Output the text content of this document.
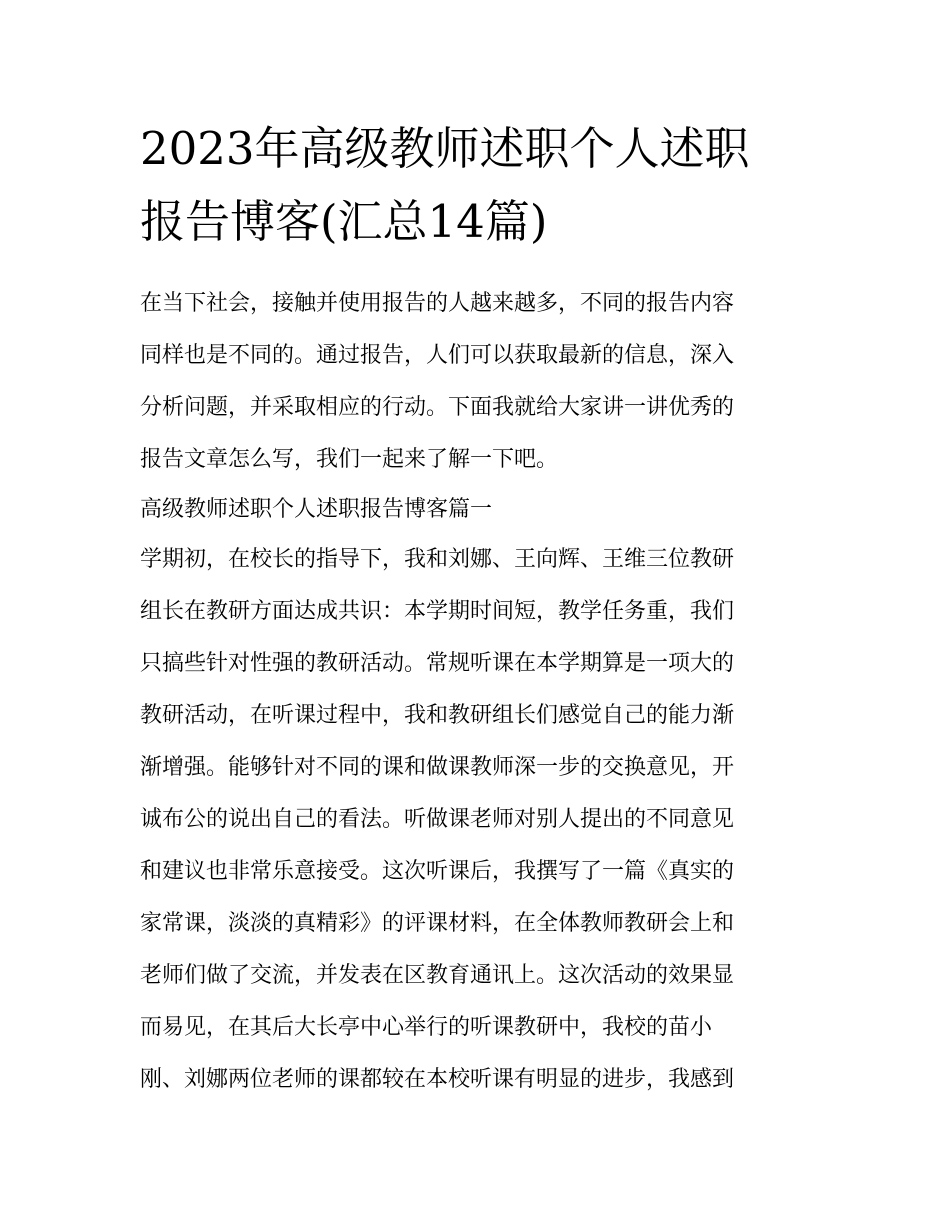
2023年高级教师述职个人述职
报告博客(汇总14篇)
在当下社会，接触并使用报告的人越来越多，不同的报告内容
同样也是不同的。通过报告，人们可以获取最新的信息，深入
分析问题，并采取相应的行动。下面我就给大家讲一讲优秀的
报告文章怎么写，我们一起来了解一下吧。
高级教师述职个人述职报告博客篇一
学期初，在校长的指导下，我和刘娜、王向辉、王维三位教研
组长在教研方面达成共识：本学期时间短，教学任务重，我们
只搞些针对性强的教研活动。常规听课在本学期算是一项大的
教研活动，在听课过程中，我和教研组长们感觉自己的能力渐
渐增强。能够针对不同的课和做课教师深一步的交换意见，开
诚布公的说出自己的看法。听做课老师对别人提出的不同意见
和建议也非常乐意接受。这次听课后，我撰写了一篇《真实的
家常课，淡淡的真精彩》的评课材料，在全体教师教研会上和
老师们做了交流，并发表在区教育通讯上。这次活动的效果显
而易见，在其后大长亭中心举行的听课教研中，我校的苗小
刚、刘娜两位老师的课都较在本校听课有明显的进步，我感到
